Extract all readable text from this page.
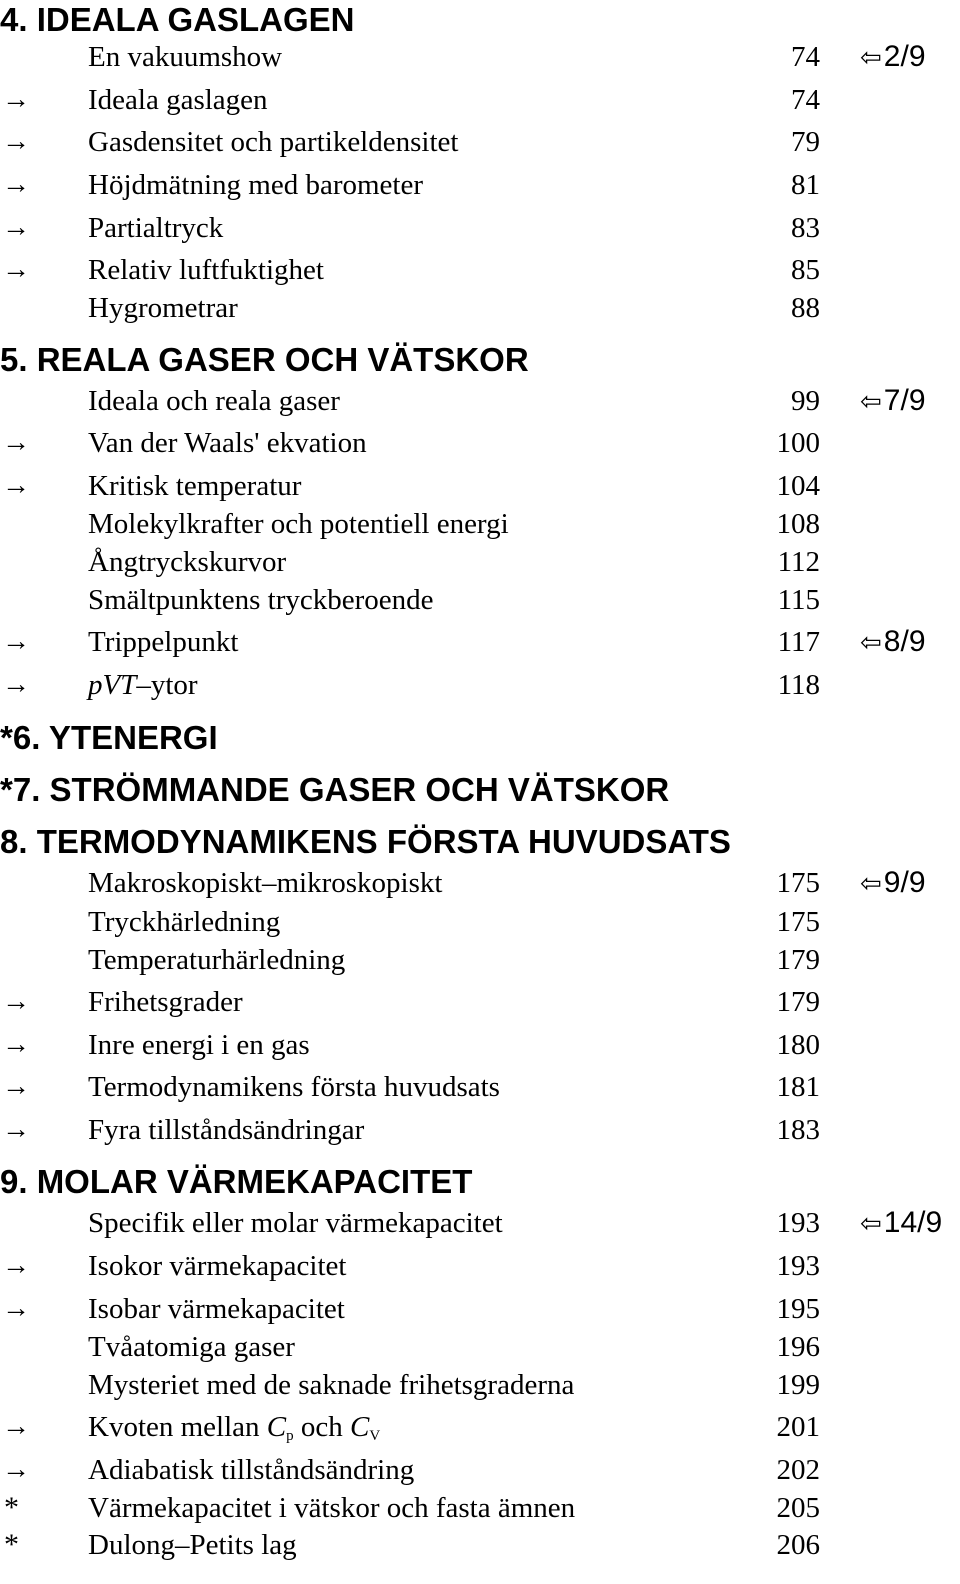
4. IDEALA GASLAGEN
En vakuumshow	74 ⇦2/9
→	Ideala gaslagen	74
→	Gasdensitet och partikeldensitet	79
→	Höjdmätning med barometer	81
→	Partialtryck	83
→	Relativ luftfuktighet	85
Hygrometrar	88
5. REALA GASER OCH VÄTSKOR
Ideala och reala gaser	99 ⇦7/9
→	Van der Waals' ekvation	100
→	Kritisk temperatur	104
Molekylkrafter och potentiell energi	108
Ångtryckskurvor	112
Smältpunktens tryckberoende	115
→	Trippelpunkt	117 ⇦8/9
→	pVT–ytor	118
*6. YTENERGI
*7. STRÖMMANDE GASER OCH VÄTSKOR
8. TERMODYNAMIKENS FÖRSTA HUVUDSATS
Makroskopiskt–mikroskopiskt	175 ⇦9/9
Tryckhärledning	175
Temperaturhärledning	179
→	Frihetsgrader	179
→	Inre energi i en gas	180
→	Termodynamikens första huvudsats	181
→	Fyra tillståndsändringar	183
9. MOLAR VÄRMEKAPACITET
Specifik eller molar värmekapacitet	193 ⇦14/9
→	Isokor värmekapacitet	193
→	Isobar värmekapacitet	195
Tvåatomiga gaser	196
Mysteriet med de saknade frihetsgraderna	199
→	Kvoten mellan $C_p$ och $C_V$	201
→	Adiabatisk tillståndsändring	202
*	Värmekapacitet i vätskor och fasta ämnen	205
*	Dulong–Petits lag	206
